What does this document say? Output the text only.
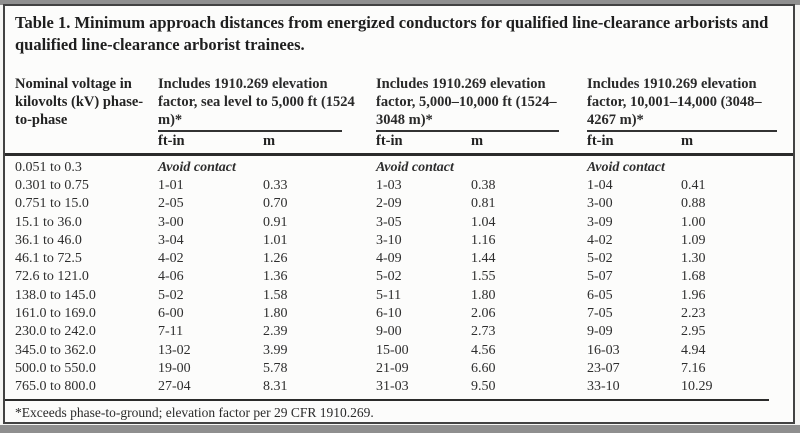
Table 1. Minimum approach distances from energized conductors for qualified line-clearance arborists and qualified line-clearance arborist trainees.
Nominal voltage in kilovolts (kV) phase-to-phase
Includes 1910.269 elevation factor, sea level to 5,000 ft (1524 m)*
Includes 1910.269 elevation factor, 5,000–10,000 ft (1524–3048 m)*
Includes 1910.269 elevation factor, 10,001–14,000 (3048–4267 m)*
ft-in	m	ft-in	m	ft-in	m
0.051 to 0.3	Avoid contact	Avoid contact	Avoid contact
0.301 to 0.75	1-01	0.33	1-03	0.38	1-04	0.41
0.751 to 15.0	2-05	0.70	2-09	0.81	3-00	0.88
15.1 to 36.0	3-00	0.91	3-05	1.04	3-09	1.00
36.1 to 46.0	3-04	1.01	3-10	1.16	4-02	1.09
46.1 to 72.5	4-02	1.26	4-09	1.44	5-02	1.30
72.6 to 121.0	4-06	1.36	5-02	1.55	5-07	1.68
138.0 to 145.0	5-02	1.58	5-11	1.80	6-05	1.96
161.0 to 169.0	6-00	1.80	6-10	2.06	7-05	2.23
230.0 to 242.0	7-11	2.39	9-00	2.73	9-09	2.95
345.0 to 362.0	13-02	3.99	15-00	4.56	16-03	4.94
500.0 to 550.0	19-00	5.78	21-09	6.60	23-07	7.16
765.0 to 800.0	27-04	8.31	31-03	9.50	33-10	10.29
*Exceeds phase-to-ground; elevation factor per 29 CFR 1910.269.
